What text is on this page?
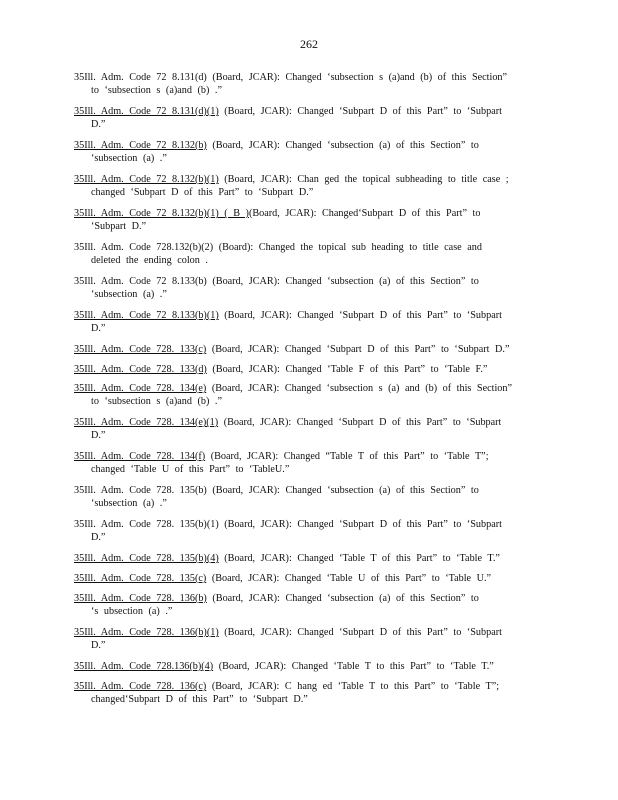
262
35Ill. Adm. Code 72 8.131(d) (Board, JCAR): Changed ‘subsection s (a)and (b) of this Section”
to ‘subsection s (a)and (b) .”
35Ill. Adm. Code 72 8.131(d)(1) (Board, JCAR): Changed ‘Subpart D of this Part” to ‘Subpart
D.”
35Ill. Adm. Code 72 8.132(b) (Board, JCAR): Changed ‘subsection (a) of this Section” to
‘subsection (a) .”
35Ill. Adm. Code 72 8.132(b)(1) (Board, JCAR): Chan ged the topical subheading to title case ;
changed ‘Subpart D of this Part” to ‘Subpart D.”
35Ill. Adm. Code 72 8.132(b)(1) ( B )(Board, JCAR): Changed‘Subpart D of this Part” to
‘Subpart D.”
35Ill. Adm. Code 728.132(b)(2) (Board): Changed the topical sub heading to title case and
deleted the ending colon .
35Ill. Adm. Code 72 8.133(b) (Board, JCAR): Changed ‘subsection (a) of this Section” to
‘subsection (a) .”
35Ill. Adm. Code 72 8.133(b)(1) (Board, JCAR): Changed ‘Subpart D of this Part” to ‘Subpart
D.”
35Ill. Adm. Code 728. 133(c) (Board, JCAR): Changed ‘Subpart D of this Part” to ‘Subpart D.”
35Ill. Adm. Code 728. 133(d) (Board, JCAR): Changed ‘Table F of this Part” to ‘Table F.”
35Ill. Adm. Code 728. 134(e) (Board, JCAR): Changed ‘subsection s (a) and (b) of this Section”
to ‘subsection s (a)and (b) .”
35Ill. Adm. Code 728. 134(e)(1) (Board, JCAR): Changed ‘Subpart D of this Part” to ‘Subpart
D.”
35Ill. Adm. Code 728. 134(f) (Board, JCAR): Changed “Table T of this Part” to ‘Table T”;
changed ‘Table U of this Part” to ‘TableU.”
35Ill. Adm. Code 728. 135(b) (Board, JCAR): Changed ‘subsection (a) of this Section” to
‘subsection (a) .”
35Ill. Adm. Code 728. 135(b)(1) (Board, JCAR): Changed ‘Subpart D of this Part” to ‘Subpart
D.”
35Ill. Adm. Code 728. 135(b)(4) (Board, JCAR): Changed ‘Table T of this Part” to ‘Table T.”
35Ill. Adm. Code 728. 135(c) (Board, JCAR): Changed ‘Table U of this Part” to ‘Table U.”
35Ill. Adm. Code 728. 136(b) (Board, JCAR): Changed ‘subsection (a) of this Section” to
‘s ubsection (a) .”
35Ill. Adm. Code 728. 136(b)(1) (Board, JCAR): Changed ‘Subpart D of this Part” to ‘Subpart
D.”
35Ill. Adm. Code 728.136(b)(4) (Board, JCAR): Changed ‘Table T to this Part” to ‘Table T.”
35Ill. Adm. Code 728. 136(c) (Board, JCAR): C hang ed ‘Table T to this Part” to ‘Table T”;
changed‘Subpart D of this Part” to ‘Subpart D.”
